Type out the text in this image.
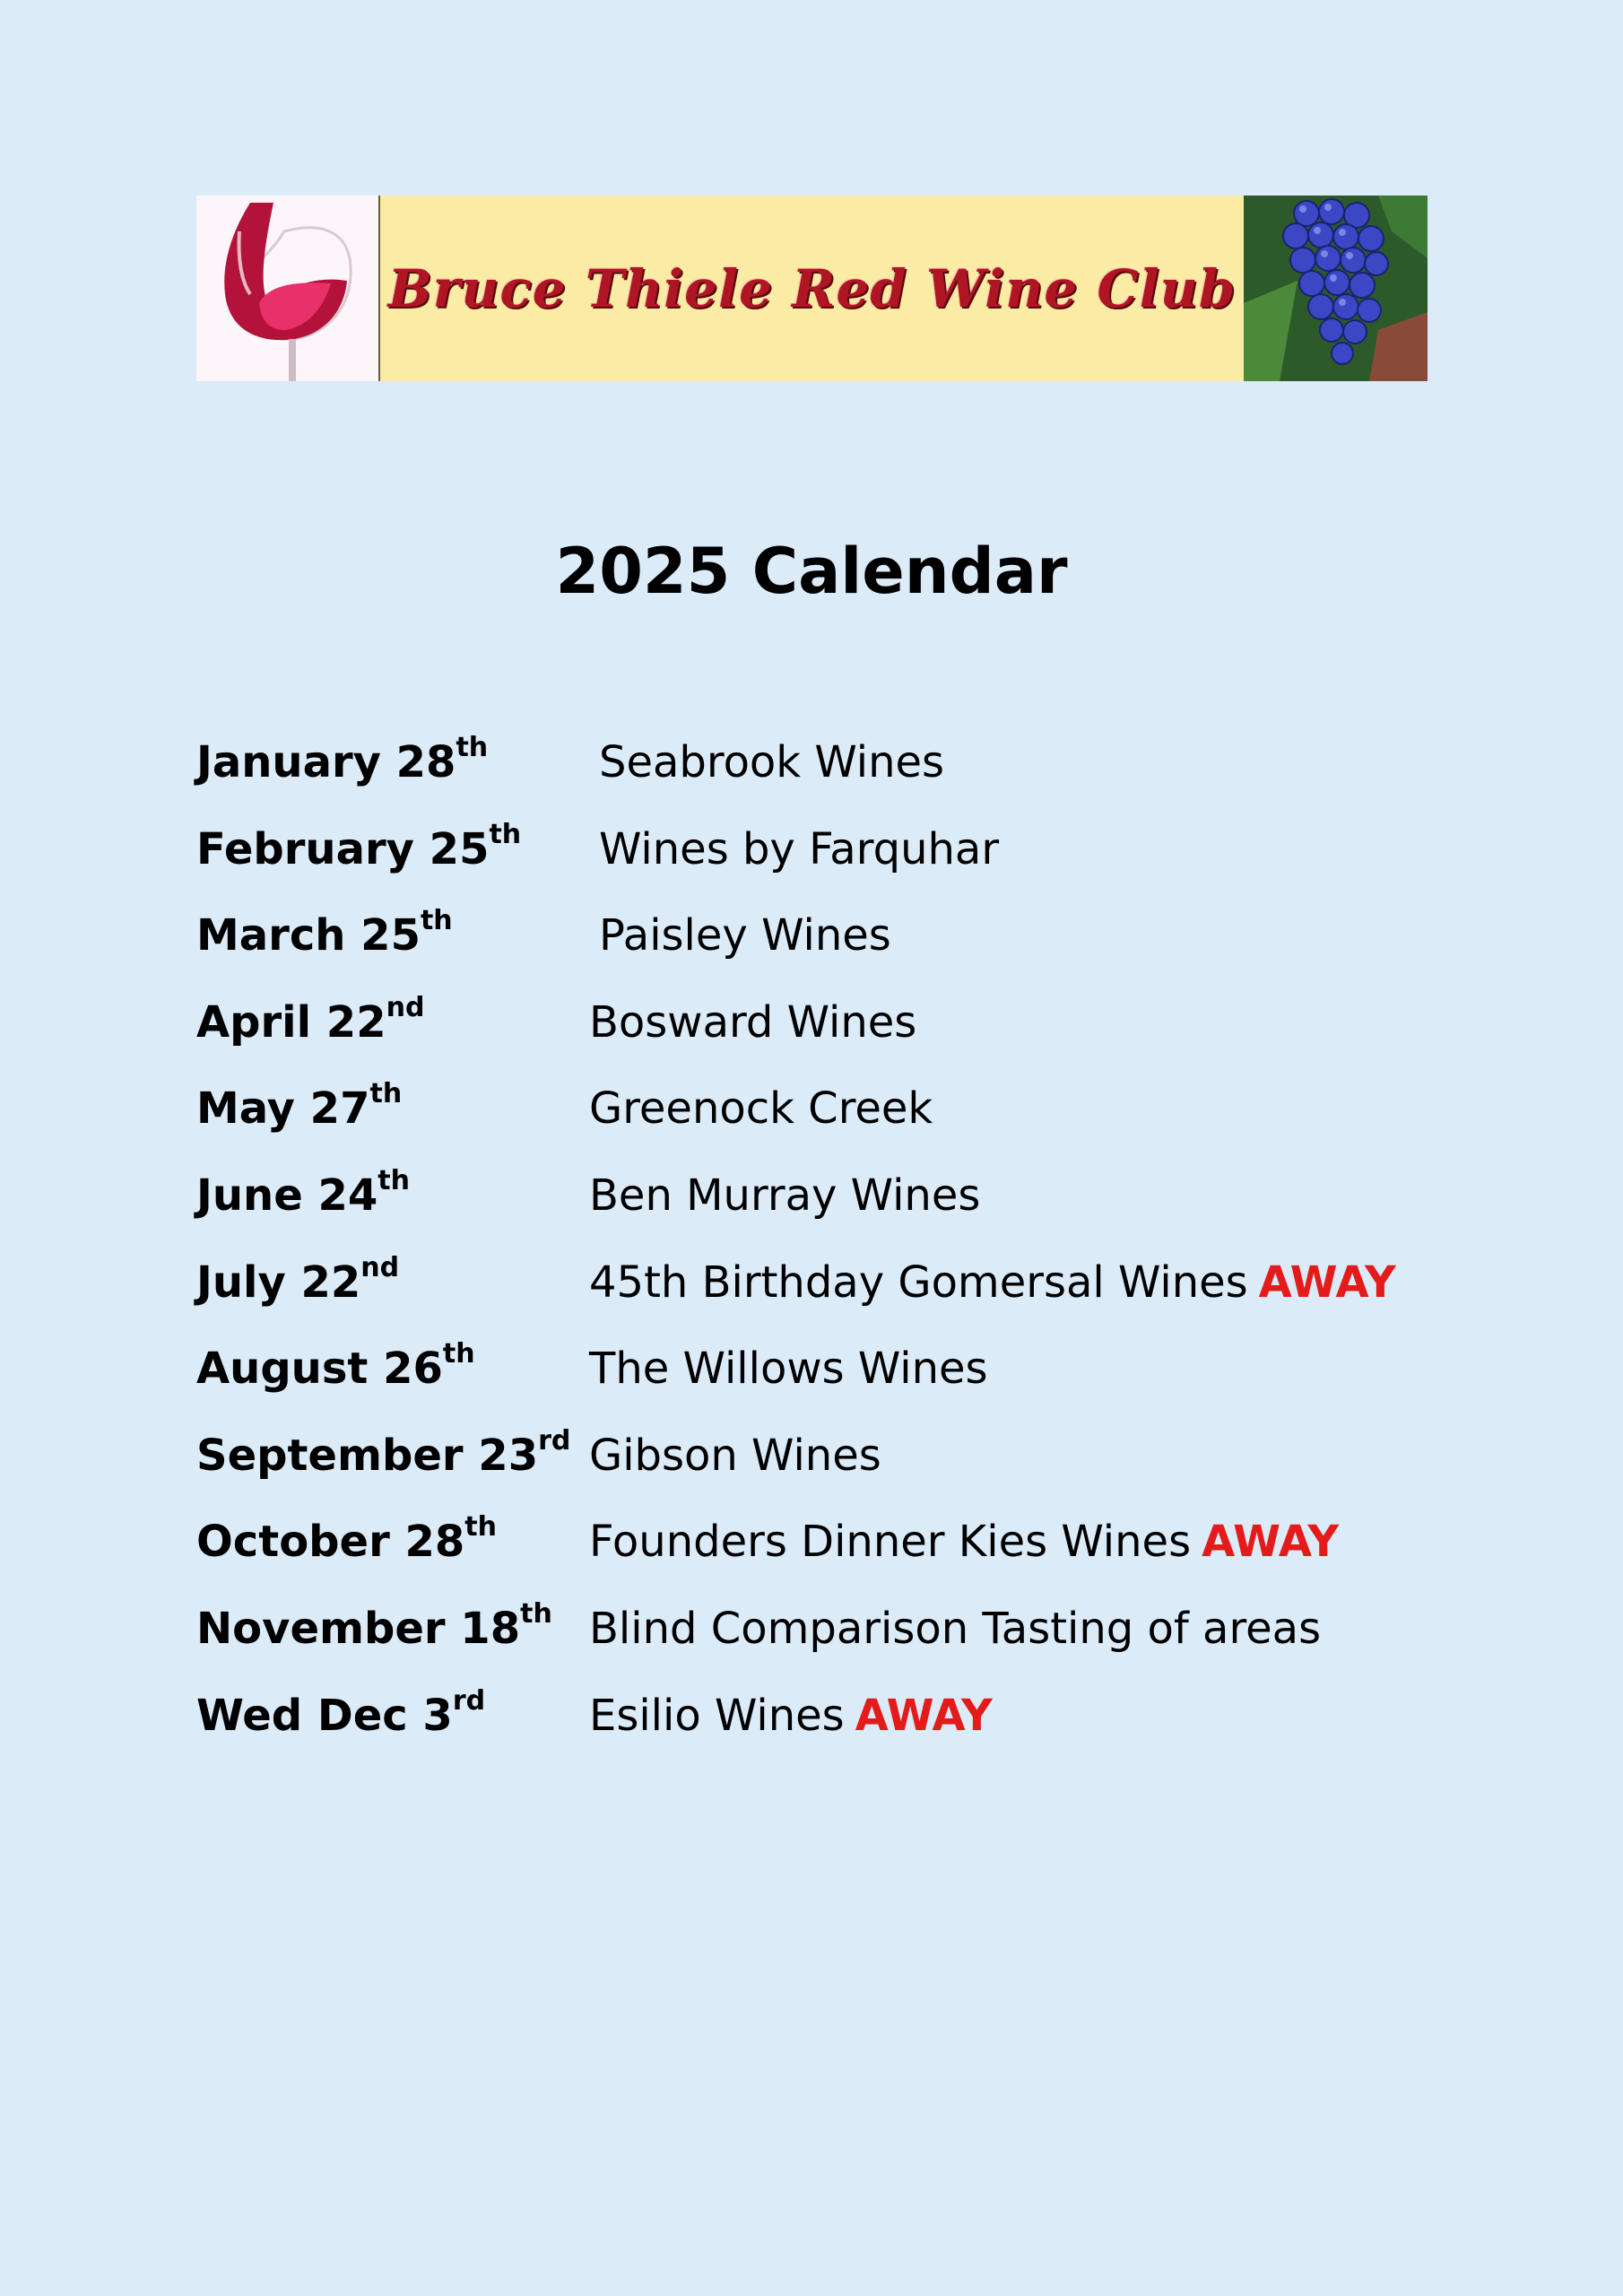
Bruce Thiele Red Wine Club
2025 Calendar
January 28th	Seabrook Wines
February 25th Wines by Farquhar
March 25th	Paisley Wines
April 22nd	Bosward Wines
May 27th	Greenock Creek
June 24th	Ben Murray Wines
July 22nd	45th Birthday Gomersal Wines AWAY
August 26th	The Willows Wines
September 23rd Gibson Wines
October 28th Founders Dinner Kies Wines AWAY
November 18th Blind Comparison Tasting of areas
Wed Dec 3rd Esilio Wines AWAY
